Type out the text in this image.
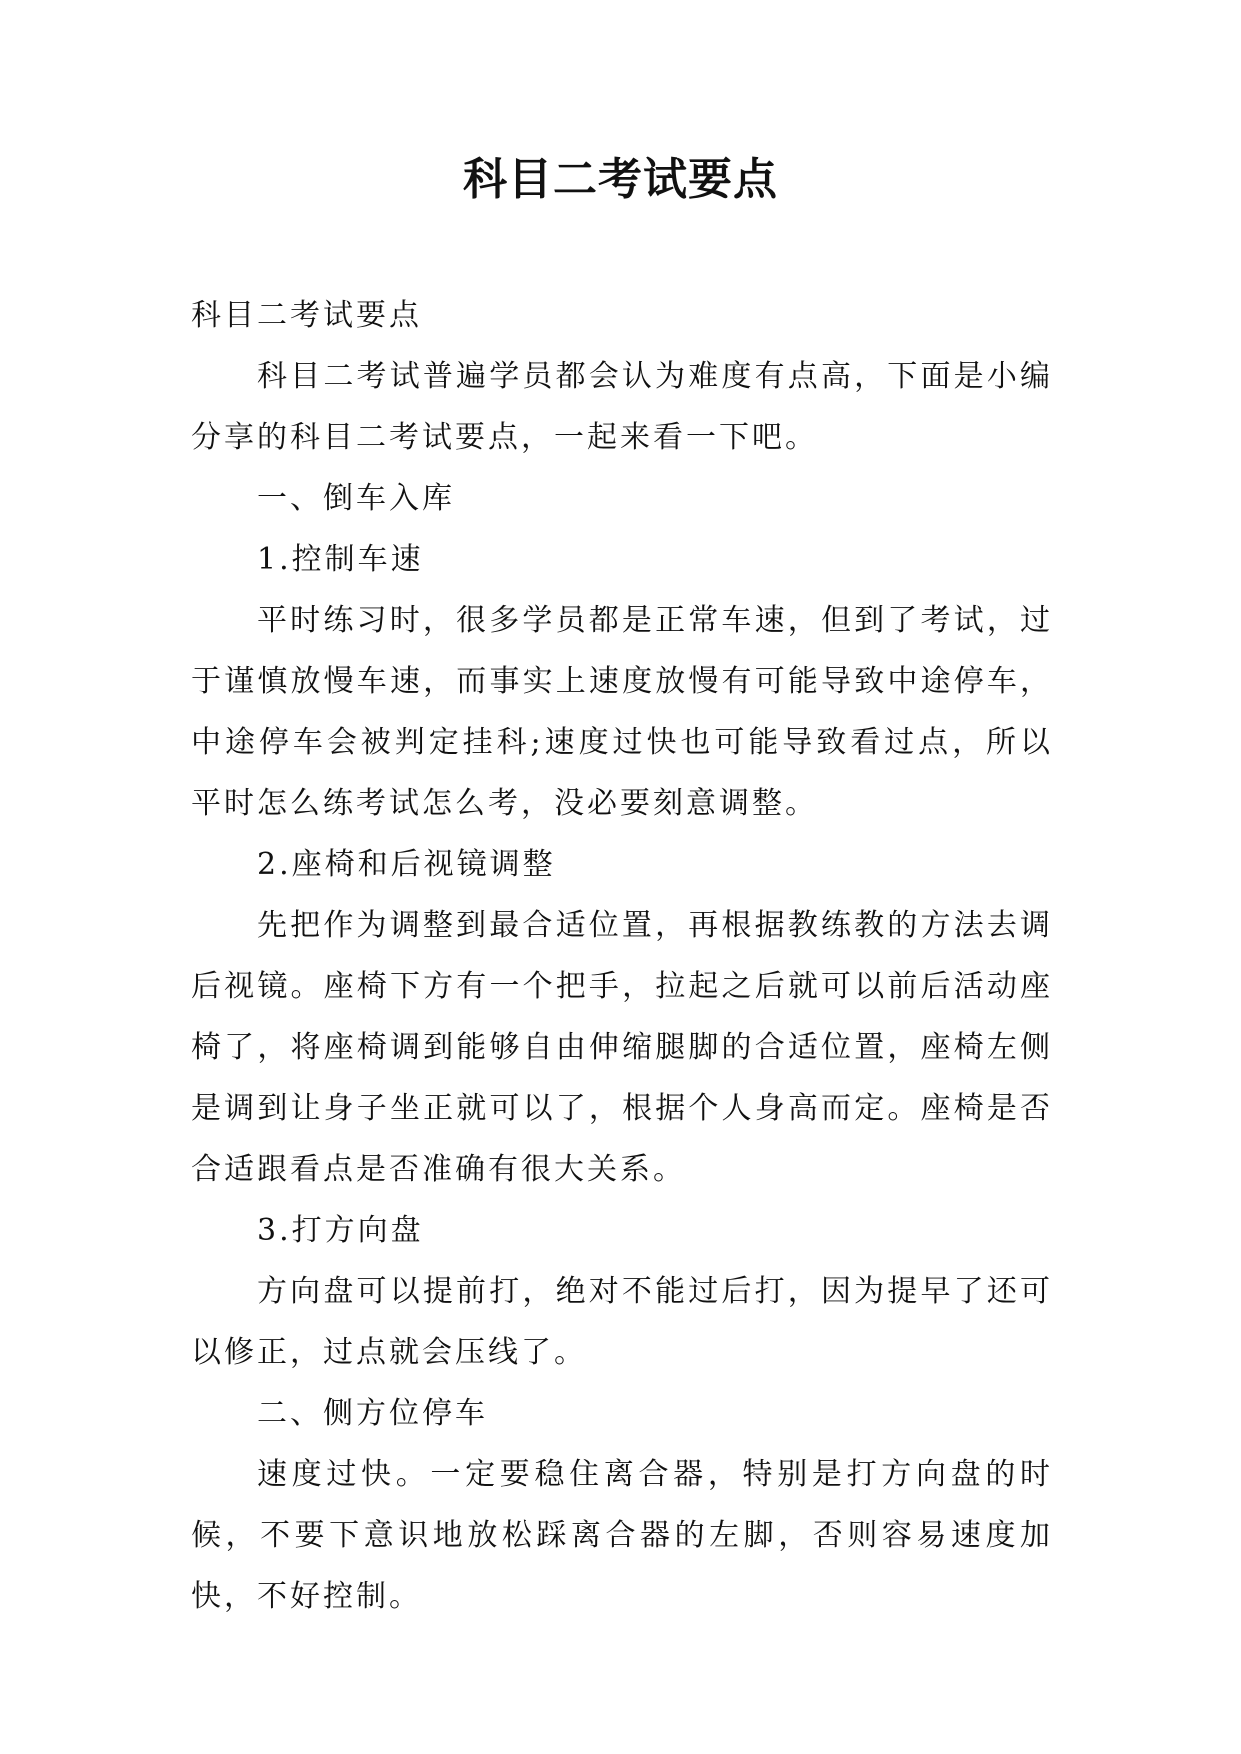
科目二考试要点

科目二考试要点

科目二考试普遍学员都会认为难度有点高，下面是小编分享的科目二考试要点，一起来看一下吧。

一、倒车入库

1.控制车速

平时练习时，很多学员都是正常车速，但到了考试，过于谨慎放慢车速，而事实上速度放慢有可能导致中途停车，中途停车会被判定挂科;速度过快也可能导致看过点，所以平时怎么练考试怎么考，没必要刻意调整。

2.座椅和后视镜调整

先把作为调整到最合适位置，再根据教练教的方法去调后视镜。座椅下方有一个把手，拉起之后就可以前后活动座椅了，将座椅调到能够自由伸缩腿脚的合适位置，座椅左侧是调到让身子坐正就可以了，根据个人身高而定。座椅是否合适跟看点是否准确有很大关系。

3.打方向盘

方向盘可以提前打，绝对不能过后打，因为提早了还可以修正，过点就会压线了。

二、侧方位停车

速度过快。一定要稳住离合器，特别是打方向盘的时候，不要下意识地放松踩离合器的左脚，否则容易速度加快，不好控制。
